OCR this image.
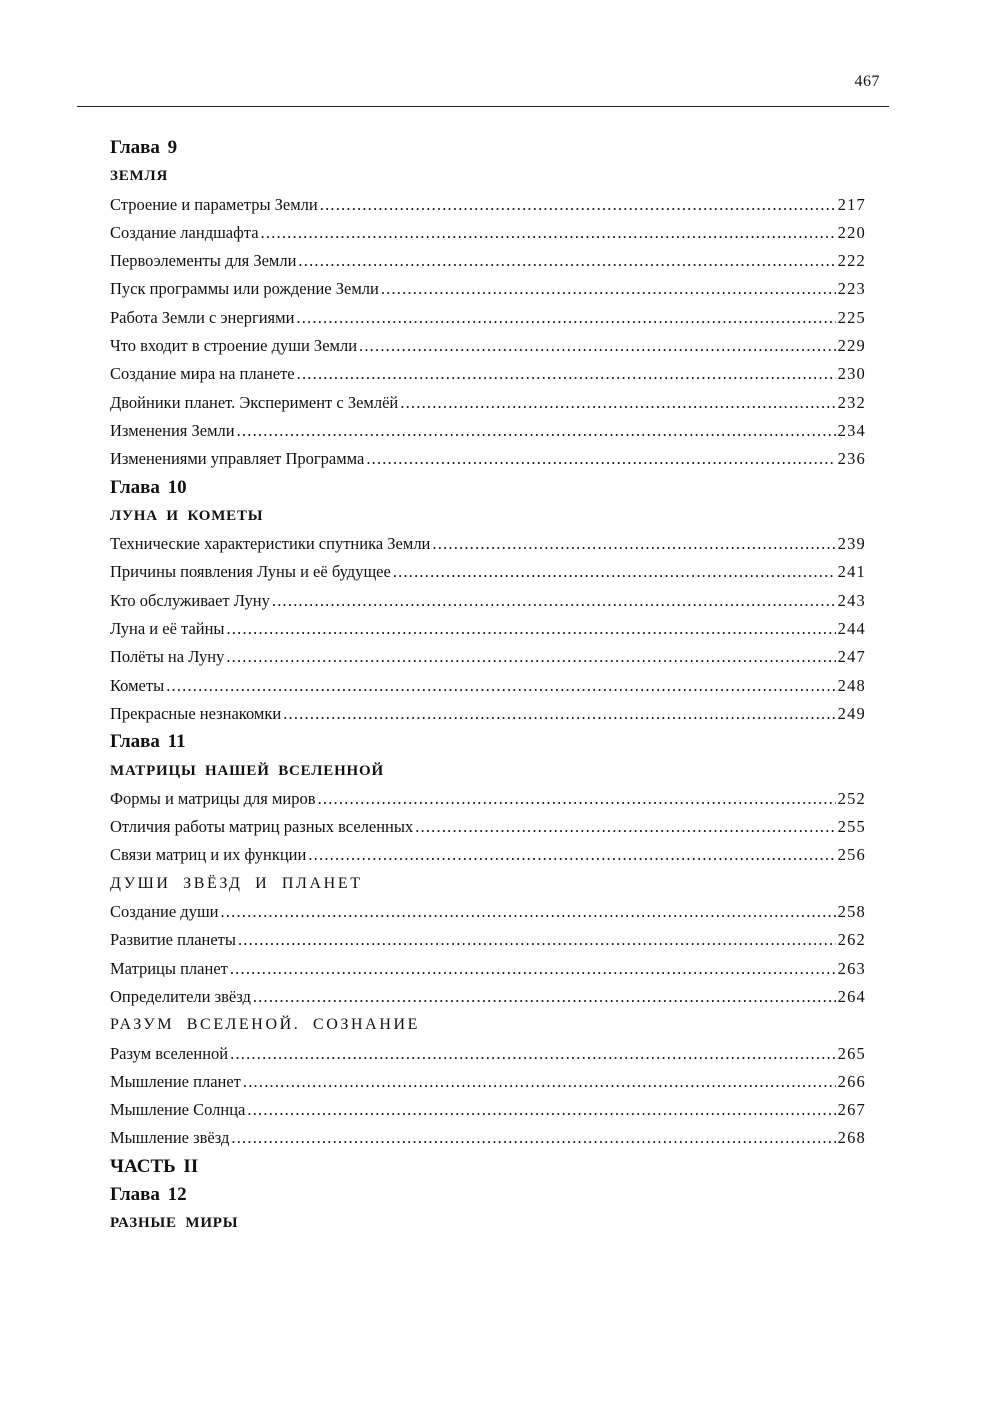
467
Глава 9
ЗЕМЛЯ
Строение и параметры Земли .....	217
Создание ландшафта .....	220
Первоэлементы для Земли .....	222
Пуск программы или рождение Земли .....	223
Работа Земли с энергиями .....	225
Что входит в строение души Земли .....	229
Создание мира на планете .....	230
Двойники планет. Эксперимент с Землёй .....	232
Изменения Земли .....	234
Изменениями управляет Программа .....	236
Глава 10
ЛУНА И КОМЕТЫ
Технические характеристики спутника Земли .....	239
Причины появления Луны и её будущее .....	241
Кто обслуживает Луну .....	243
Луна и её тайны .....	244
Полёты на Луну .....	247
Кометы .....	248
Прекрасные незнакомки .....	249
Глава 11
МАТРИЦЫ НАШЕЙ ВСЕЛЕННОЙ
Формы и матрицы для миров .....	252
Отличия работы матриц разных вселенных .....	255
Связи матриц и их функции .....	256
ДУШИ ЗВЁЗД И ПЛАНЕТ
Создание души .....	258
Развитие планеты .....	262
Матрицы планет .....	263
Определители звёзд .....	264
РАЗУМ ВСЕЛЕНОЙ. СОЗНАНИЕ
Разум вселенной .....	265
Мышление планет .....	266
Мышление Солнца .....	267
Мышление звёзд .....	268
ЧАСТЬ II
Глава 12
РАЗНЫЕ МИРЫ
